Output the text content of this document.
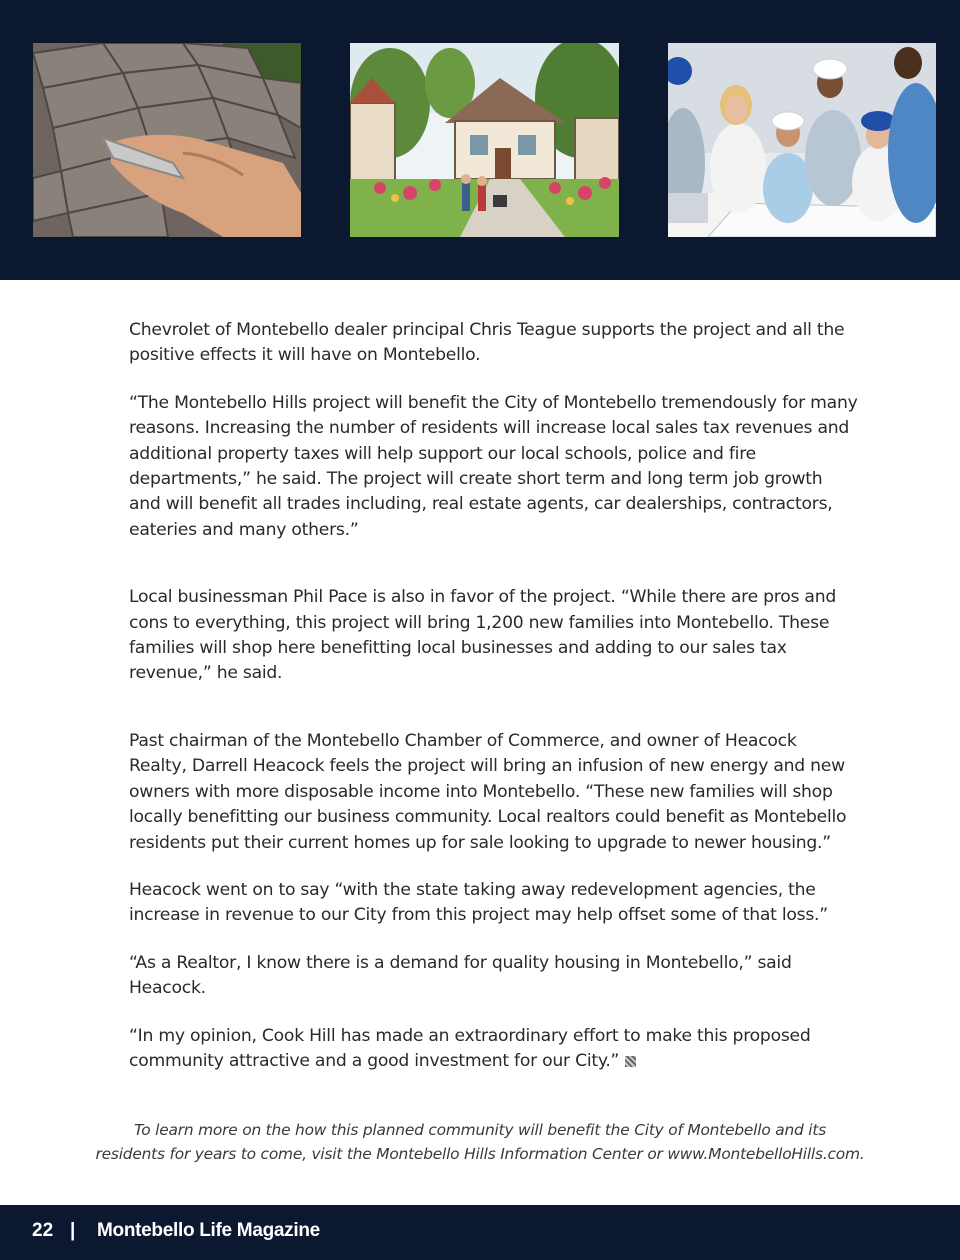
Chevrolet of Montebello dealer principal Chris Teague supports the project and all the positive effects it will have on Montebello.

“The Montebello Hills project will benefit the City of Montebello tremendously for many reasons. Increasing the number of residents will increase local sales tax revenues and additional property taxes will help support our local schools, police and fire departments,” he said. The project will create short term and long term job growth and will benefit all trades including, real estate agents, car dealerships, contractors, eateries and many others.”

Local businessman Phil Pace is also in favor of the project. “While there are pros and cons to everything, this project will bring 1,200 new families into Montebello. These families will shop here benefitting local businesses and adding to our sales tax revenue,” he said.

Past chairman of the Montebello Chamber of Commerce, and owner of Heacock Realty, Darrell Heacock feels the project will bring an infusion of new energy and new owners with more disposable income into Montebello. “These new families will shop locally benefitting our business community. Local realtors could benefit as Montebello residents put their current homes up for sale looking to upgrade to newer housing.”

Heacock went on to say “with the state taking away redevelopment agencies, the increase in revenue to our City from this project may help offset some of that loss.”

“As a Realtor, I know there is a demand for quality housing in Montebello,” said Heacock.

“In my opinion, Cook Hill has made an extraordinary effort to make this proposed community attractive and a good investment for our City.”

To learn more on the how this planned community will benefit the City of Montebello and its
residents for years to come, visit the Montebello Hills Information Center or www.MontebelloHills.com.
22 | Montebello Life Magazine
